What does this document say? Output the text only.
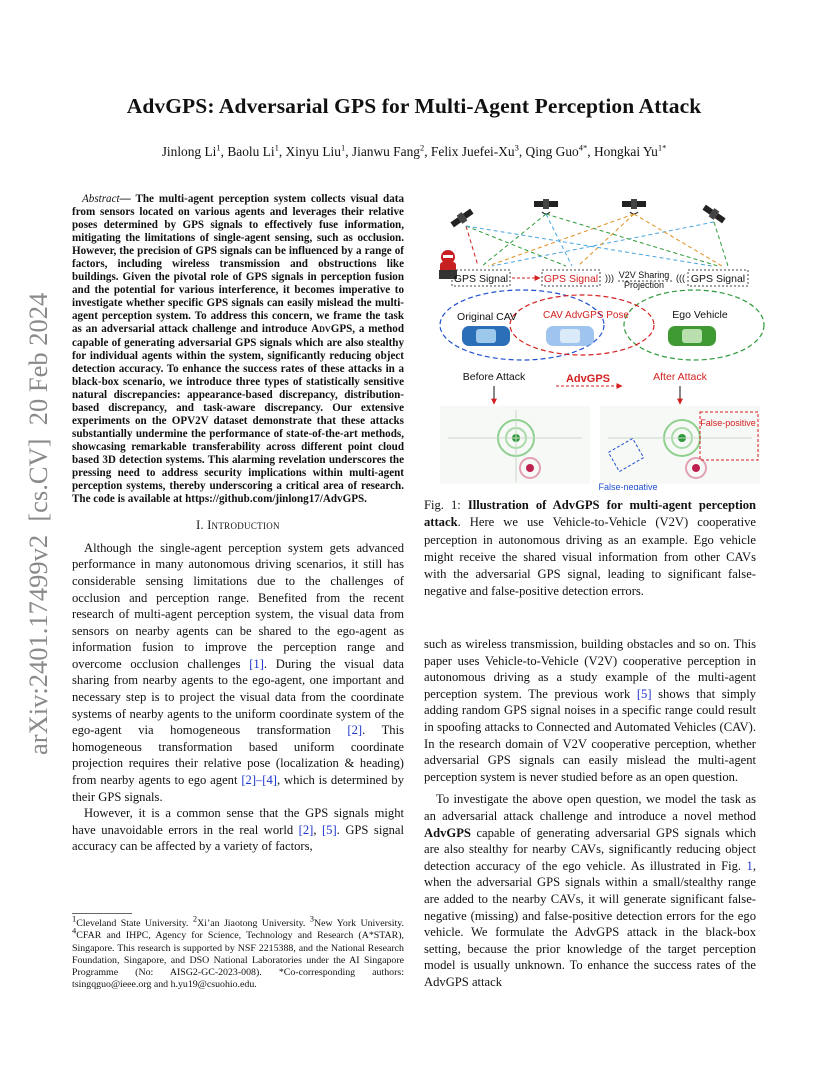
arXiv:2401.17499v2  [cs.CV]  20 Feb 2024
AdvGPS: Adversarial GPS for Multi-Agent Perception Attack
Jinlong Li$^1$, Baolu Li$^1$, Xinyu Liu$^1$, Jianwu Fang$^2$, Felix Juefei-Xu$^3$, Qing Guo$^{4*}$, Hongkai $Yu^{1*}$

Abstract— The multi-agent perception system collects visual data from sensors located on various agents and leverages their relative poses determined by GPS signals to effectively fuse information, mitigating the limitations of single-agent sensing, such as occlusion. However, the precision of GPS signals can be influenced by a range of factors, including wireless transmission and obstructions like buildings. Given the pivotal role of GPS signals in perception fusion and the potential for various interference, it becomes imperative to investigate whether specific GPS signals can easily mislead the multi-agent perception system. To address this concern, we frame the task as an adversarial attack challenge and introduce AdvGPS, a method capable of generating adversarial GPS signals which are also stealthy for individual agents within the system, significantly reducing object detection accuracy. To enhance the success rates of these attacks in a black-box scenario, we introduce three types of statistically sensitive natural discrepancies: appearance-based discrepancy, distribution-based discrepancy, and task-aware discrepancy. Our extensive experiments on the OPV2V dataset demonstrate that these attacks substantially undermine the performance of state-of-the-art methods, showcasing remarkable transferability across different point cloud based 3D detection systems. This alarming revelation underscores the pressing need to address security implications within multi-agent perception systems, thereby underscoring a critical area of research. The code is available at https://github.com/jinlong17/AdvGPS.

I. Introduction

Although the single-agent perception system gets advanced performance in many autonomous driving scenarios, it still has considerable sensing limitations due to the challenges of occlusion and perception range. Benefited from the recent research of multi-agent perception system, the visual data from sensors on nearby agents can be shared to the ego-agent as information fusion to improve the perception range and overcome occlusion challenges [1]. During the visual data sharing from nearby agents to the ego-agent, one important and necessary step is to project the visual data from the coordinate systems of nearby agents to the uniform coordinate system of the ego-agent via homogeneous transformation [2]. This homogeneous transformation based uniform coordinate projection requires their relative pose (localization & heading) from nearby agents to ego agent [2]–[4], which is determined by their GPS signals.

However, it is a common sense that the GPS signals might have unavoidable errors in the real world [2], [5]. GPS signal accuracy can be affected by a variety of factors,

1Cleveland State University. 2Xi’an Jiaotong University. 3New York University. 4CFAR and IHPC, Agency for Science, Technology and Research (A*STAR), Singapore. This research is supported by NSF 2215388, and the National Research Foundation, Singapore, and DSO National Laboratories under the AI Singapore Programme (No: AISG2-GC-2023-008). *Co-corresponding authors: tsingqguo@ieee.org and h.yu19@csuohio.edu.
GPS Signal	GPS Signal ))) V2V Sharing
Projection
((( GPS Signal
Original CAV	CAV AdvGPS Pose	Ego Vehicle
Before Attack	AdvGPS	After Attack
False-positive
False-negative
Fig. 1: Illustration of AdvGPS for multi-agent perception attack. Here we use Vehicle-to-Vehicle (V2V) cooperative perception in autonomous driving as an example. Ego vehicle might receive the shared visual information from other CAVs with the adversarial GPS signal, leading to significant false-negative and false-positive detection errors.

such as wireless transmission, building obstacles and so on. This paper uses Vehicle-to-Vehicle (V2V) cooperative perception in autonomous driving as a study example of the multi-agent perception system. The previous work [5] shows that simply adding random GPS signal noises in a specific range could result in spoofing attacks to Connected and Automated Vehicles (CAV). In the research domain of V2V cooperative perception, whether adversarial GPS signals can easily mislead the multi-agent perception system is never studied before as an open question.

To investigate the above open question, we model the task as an adversarial attack challenge and introduce a novel method AdvGPS capable of generating adversarial GPS signals which are also stealthy for nearby CAVs, significantly reducing object detection accuracy of the ego vehicle. As illustrated in Fig. 1, when the adversarial GPS signals within a small/stealthy range are added to the nearby CAVs, it will generate significant false-negative (missing) and false-positive detection errors for the ego vehicle. We formulate the AdvGPS attack in the black-box setting, because the prior knowledge of the target perception model is usually unknown. To enhance the success rates of the AdvGPS attack
